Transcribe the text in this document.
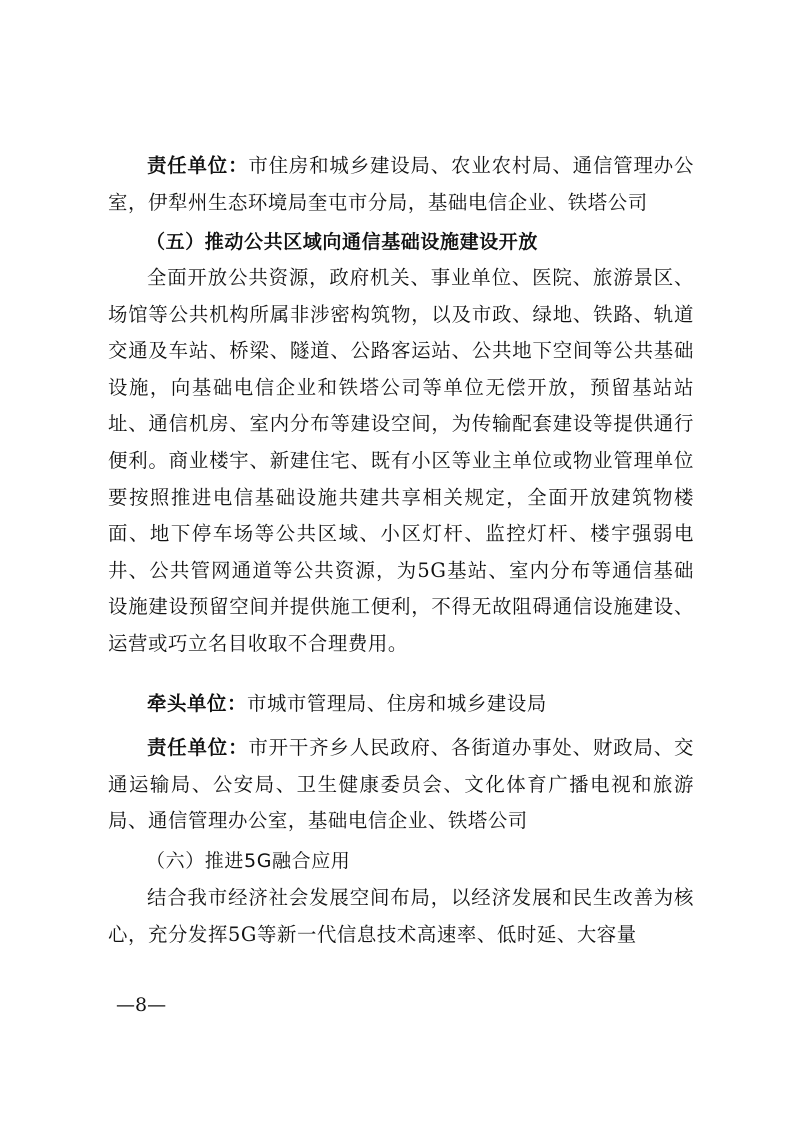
责任单位：市住房和城乡建设局、农业农村局、通信管理办公室，伊犁州生态环境局奎屯市分局，基础电信企业、铁塔公司

（五）推动公共区域向通信基础设施建设开放

全面开放公共资源，政府机关、事业单位、医院、旅游景区、场馆等公共机构所属非涉密构筑物，以及市政、绿地、铁路、轨道交通及车站、桥梁、隧道、公路客运站、公共地下空间等公共基础设施，向基础电信企业和铁塔公司等单位无偿开放，预留基站站址、通信机房、室内分布等建设空间，为传输配套建设等提供通行便利。商业楼宇、新建住宅、既有小区等业主单位或物业管理单位要按照推进电信基础设施共建共享相关规定，全面开放建筑物楼面、地下停车场等公共区域、小区灯杆、监控灯杆、楼宇强弱电井、公共管网通道等公共资源，为5G基站、室内分布等通信基础设施建设预留空间并提供施工便利，不得无故阻碍通信设施建设、运营或巧立名目收取不合理费用。

牵头单位：市城市管理局、住房和城乡建设局

责任单位：市开干齐乡人民政府、各街道办事处、财政局、交通运输局、公安局、卫生健康委员会、文化体育广播电视和旅游局、通信管理办公室，基础电信企业、铁塔公司

（六）推进5G融合应用

结合我市经济社会发展空间布局，以经济发展和民生改善为核心，充分发挥5G等新一代信息技术高速率、低时延、大容量

—8—
